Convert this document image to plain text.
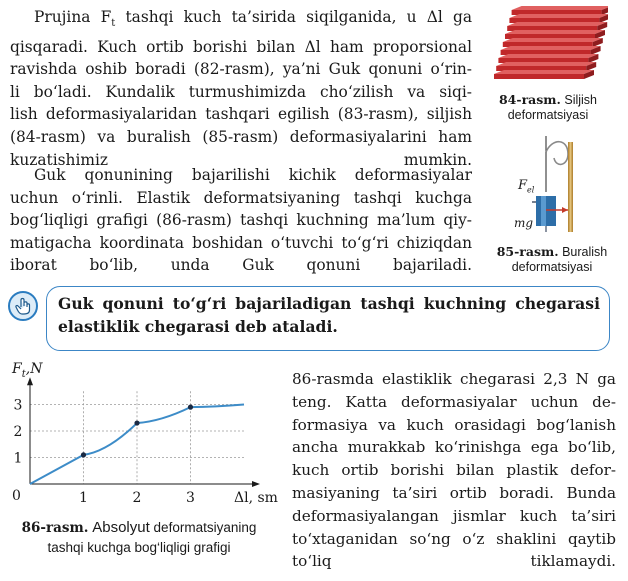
Prujina $F_t$ tashqi kuch ta’sirida siqilganida, u Δl ga
qisqaradi. Kuch ortib borishi bilan Δl ham proporsional
ravishda oshib boradi (82-rasm), ya’ni Guk qonuni o‘rin-
li bo‘ladi. Kundalik turmushimizda cho‘zilish va siqi-
lish deformasiyalaridan tashqari egilish (83-rasm), siljish
(84-rasm) va buralish (85-rasm) deformasiyalarini ham
kuzatishimiz mumkin.
Guk qonunining bajarilishi kichik deformasiyalar
uchun o‘rinli. Elastik deformatsiyaning tashqi kuchga
bog‘liqligi grafigi (86-rasm) tashqi kuchning ma’lum qiy-
matigacha koordinata boshidan o‘tuvchi to‘g‘ri chiziqdan
iborat bo‘lib, unda Guk qonuni bajariladi.
84-rasm. Siljish
deformatsiyasi
$F_{el}$
mg
85-rasm. Buralish
deformatsiyasi
Guk qonuni to‘g‘ri bajariladigan tashqi kuchning chegarasi elastiklik chegarasi deb ataladi.
1	2	3
1
2
3
$F_t,N$
Δl, sm
0
86-rasm. Absolyut deformatsiyaning
tashqi kuchga bog‘liqligi grafigi
86-rasmda elastiklik chegarasi 2,3 N ga
teng. Katta deformasiyalar uchun de-
formasiya va kuch orasidagi bog‘lanish
ancha murakkab ko‘rinishga ega bo‘lib,
kuch ortib borishi bilan plastik defor-
masiyaning ta’siri ortib boradi. Bunda
deformasiyalangan jismlar kuch ta’siri
to‘xtaganidan so‘ng o‘z shaklini qaytib
to‘liq tiklamaydi.
